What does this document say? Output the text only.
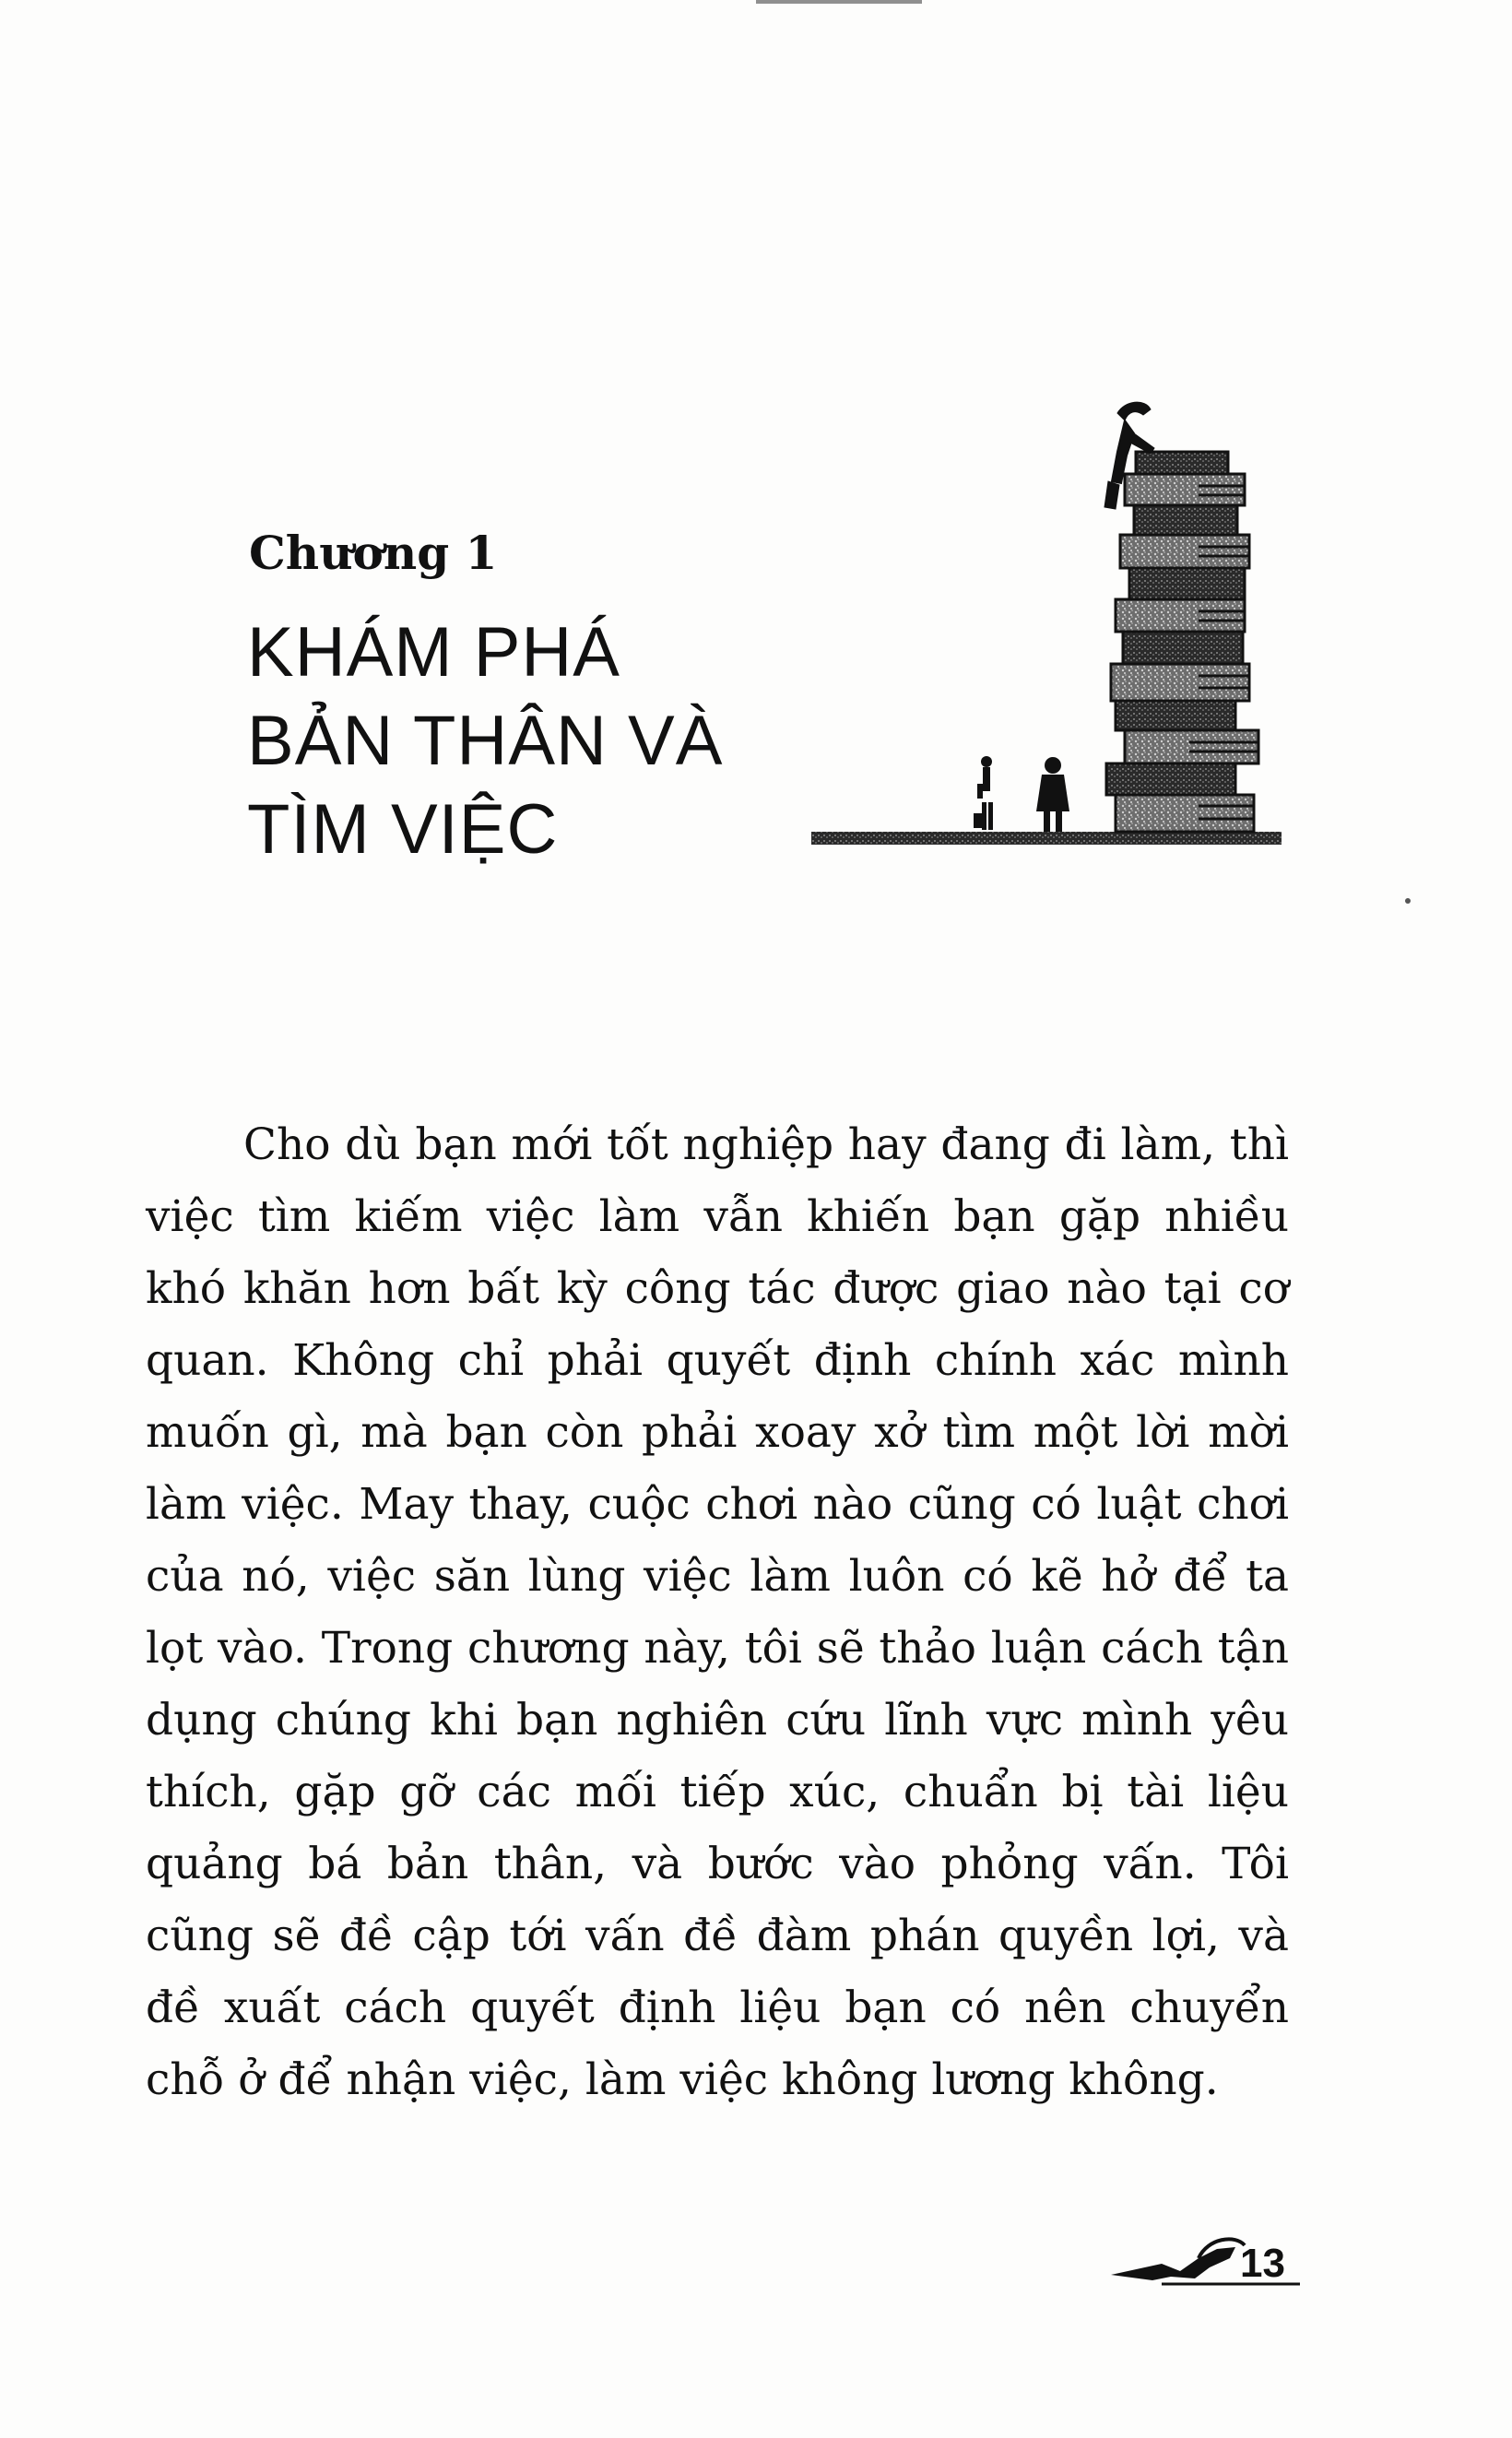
Chương 1
KHÁM PHÁ
BẢN THÂN VÀ
TÌM VIỆC

Cho dù bạn mới tốt nghiệp hay đang đi làm, thì việc tìm kiếm việc làm vẫn khiến bạn gặp nhiều khó khăn hơn bất kỳ công tác được giao nào tại cơ quan. Không chỉ phải quyết định chính xác mình muốn gì, mà bạn còn phải xoay xở tìm một lời mời làm việc. May thay, cuộc chơi nào cũng có luật chơi của nó, việc săn lùng việc làm luôn có kẽ hở để ta lọt vào. Trong chương này, tôi sẽ thảo luận cách tận dụng chúng khi bạn nghiên cứu lĩnh vực mình yêu thích, gặp gỡ các mối tiếp xúc, chuẩn bị tài liệu quảng bá bản thân, và bước vào phỏng vấn. Tôi cũng sẽ đề cập tới vấn đề đàm phán quyền lợi, và đề xuất cách quyết định liệu bạn có nên chuyển chỗ ở để nhận việc, làm việc không lương không.

13
